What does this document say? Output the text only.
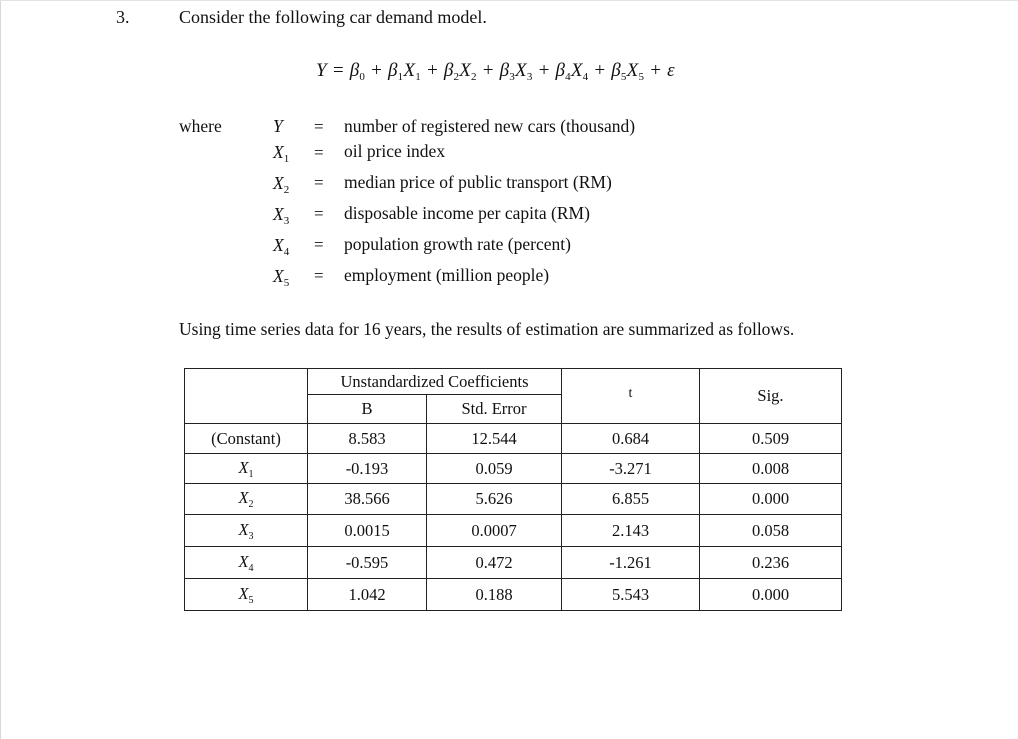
3.	Consider the following car demand model.
$Y = \beta_0 + \beta_1X_1 + \beta_2X_2 + \beta_3X_3 + \beta_4X_4 + \beta_5X_5 + \varepsilon$
where	Y = number of registered new cars (thousand)
$X_1$ = oil price index
$X_2$ = median price of public transport (RM)
$X_3$ = disposable income per capita (RM)
$X_4$ = population growth rate (percent)
$X_5$ = employment (million people)
Using time series data for 16 years, the results of estimation are summarized as follows.
	Unstandardized Coefficients		t	Sig.
	B	Std. Error		
(Constant)	8.583	12.544	0.684	0.509
$X_1$	-0.193	0.059	-3.271	0.008
$X_2$	38.566	5.626	6.855	0.000
$X_3$	0.0015	0.0007	2.143	0.058
$X_4$	-0.595	0.472	-1.261	0.236
$X_5$	1.042	0.188	5.543	0.000
